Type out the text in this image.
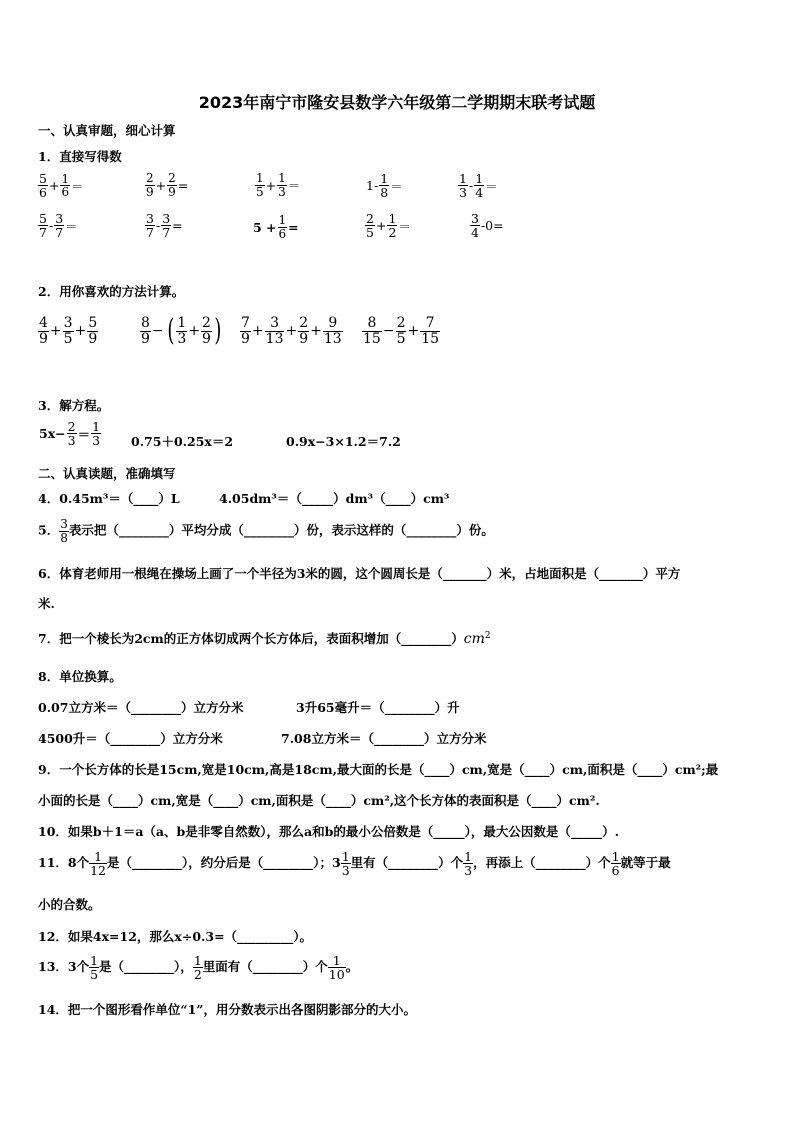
2023年南宁市隆安县数学六年级第二学期期末联考试题
一、认真审题，细心计算
1．直接写得数
$\frac{5}{6} + \frac{1}{6}$ ＝	$\frac{2}{9} + \frac{2}{9}$ =	$\frac{1}{5} + \frac{1}{3}$ ＝	$1- \frac{1}{8}$ ＝	$\frac{1}{3} - \frac{1}{4}$ ＝
$\frac{5}{7} - \frac{3}{7}$ ＝	$\frac{3}{7} - \frac{3}{7}$ =	$5 + \frac{1}{6}$ =	$\frac{2}{5} + \frac{1}{2}$ ＝	$\frac{3}{4} -0=$
2．用你喜欢的方法计算。
$\frac{4}{9} + \frac{3}{5} + \frac{5}{9}$	$\frac{8}{9}$ − ( $\frac{1}{3} + \frac{2}{9}$ ) $\frac{7}{9} + \frac{3}{13} + \frac{2}{9} + \frac{9}{13} \frac{8}{15} - \frac{2}{5} + \frac{7}{15}$
3．解方程。
$5x- \frac{2}{3} = \frac{1}{3} 0.75+0.25x=2$	0.9x−3×1.2＝7.2
二、认真读题，准确填写
4．0.45m³＝（____）L	4.05dm³＝（_____）dm³（____）cm³
5． $\frac{3}{8}$ 表示把（________）平均分成（________）份，表示这样的（________）份。
6．体育老师用一根绳在操场上画了一个半径为3米的圆，这个圆周长是（_______）米，占地面积是（_______）平方
米.
7．把一个棱长为2cm的正方体切成两个长方体后，表面积增加$(\_\_\_\_\_\_\_\_)cm^2$
8．单位换算。
0.07立方米＝（________）立方分米	3升65毫升＝（________）升
4500升＝（________）立方分米	7.08立方米＝（________）立方分米
9．一个长方体的长是15cm,宽是10cm,高是18cm,最大面的长是（____）cm,宽是（____）cm,面积是（____）cm²;最
小面的长是（____）cm,宽是（____）cm,面积是（____）cm²,这个长方体的表面积是（____）cm².
10．如果b＋1＝a（a、b是非零自然数），那么a和b的最小公倍数是（_____），最大公因数是（_____）.
11．8个 $\frac{1}{12}$ 是（________），约分后是（________）；$3 \frac{1}{3}$ 里有（________）个 $\frac{1}{3}$ ，再添上（________）个 $\frac{1}{6}$ 就等于最
小的合数。
12．如果4x=12，那么x÷0.3=（_________）。
13．3个 $\frac{1}{5}$ 是（________）， $\frac{1}{2}$ 里面有（________）个 $\frac{1}{10}$ 。
14．把一个图形看作单位“1”，用分数表示出各图阴影部分的大小。
